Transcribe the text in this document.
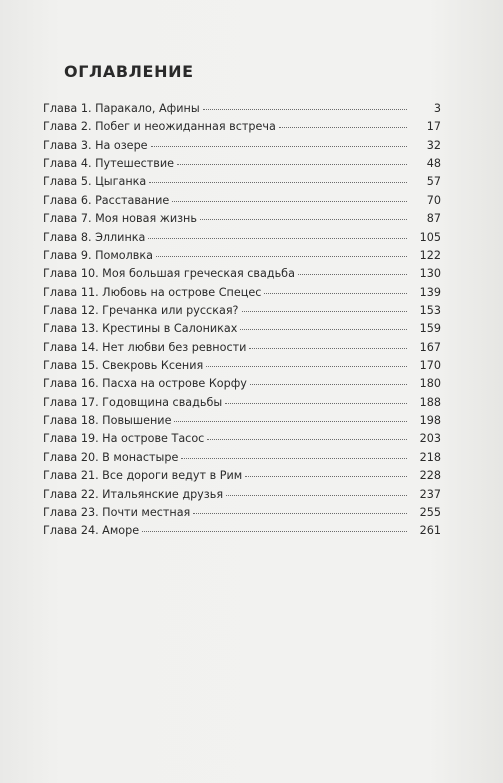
ОГЛАВЛЕНИЕ
Глава 1. Паракало, Афины	3
Глава 2. Побег и неожиданная встреча	17
Глава 3. На озере	32
Глава 4. Путешествие	48
Глава 5. Цыганка	57
Глава 6. Расставание	70
Глава 7. Моя новая жизнь	87
Глава 8. Эллинка	105
Глава 9. Помолвка	122
Глава 10. Моя большая греческая свадьба	130
Глава 11. Любовь на острове Спецес	139
Глава 12. Гречанка или русская?	153
Глава 13. Крестины в Салониках	159
Глава 14. Нет любви без ревности	167
Глава 15. Свекровь Ксения	170
Глава 16. Пасха на острове Корфу	180
Глава 17. Годовщина свадьбы	188
Глава 18. Повышение	198
Глава 19. На острове Тасос	203
Глава 20. В монастыре	218
Глава 21. Все дороги ведут в Рим	228
Глава 22. Итальянские друзья	237
Глава 23. Почти местная	255
Глава 24. Аморе	261
